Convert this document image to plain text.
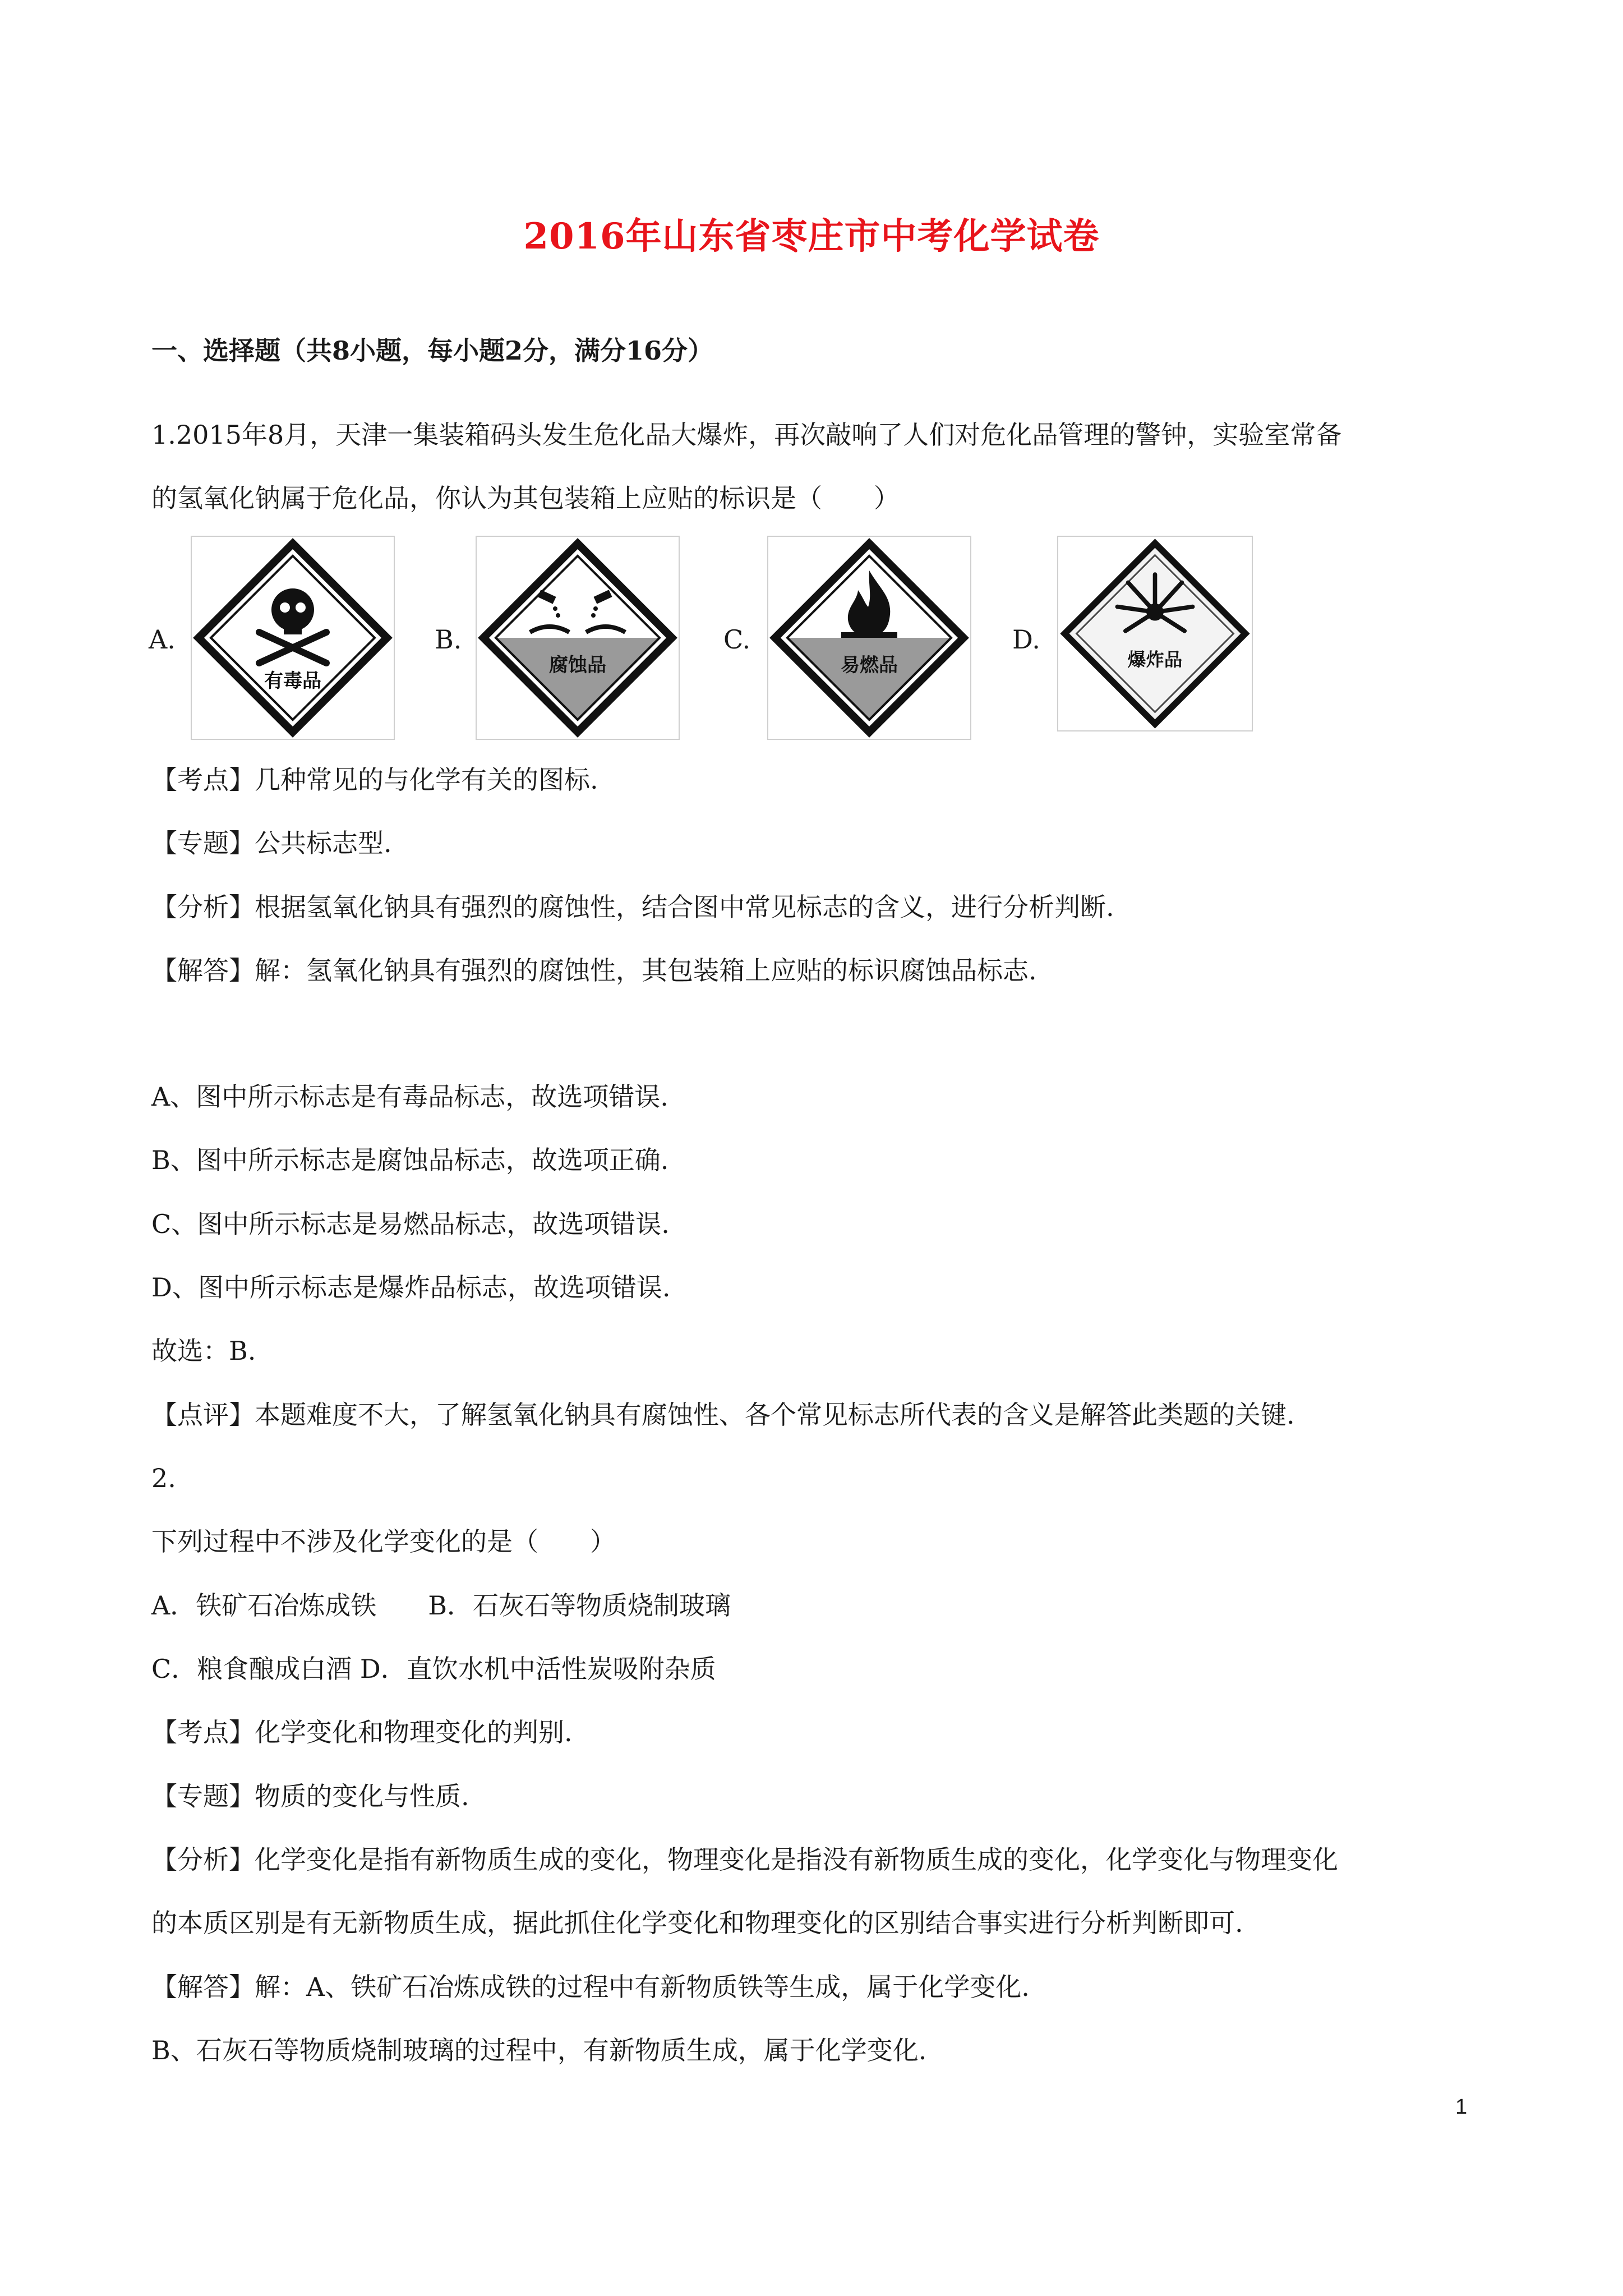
2016年山东省枣庄市中考化学试卷
一、选择题（共8小题，每小题2分，满分16分）
1.2015年8月，天津一集装箱码头发生危化品大爆炸，再次敲响了人们对危化品管理的警钟，实验室常备
的氢氧化钠属于危化品，你认为其包装箱上应贴的标识是（　　）
A.
有毒品
B.
腐蚀品
C.
易燃品
D.
爆炸品
【考点】几种常见的与化学有关的图标.
【专题】公共标志型.
【分析】根据氢氧化钠具有强烈的腐蚀性，结合图中常见标志的含义，进行分析判断.
【解答】解：氢氧化钠具有强烈的腐蚀性，其包装箱上应贴的标识腐蚀品标志.
A、图中所示标志是有毒品标志，故选项错误.
B、图中所示标志是腐蚀品标志，故选项正确.
C、图中所示标志是易燃品标志，故选项错误.
D、图中所示标志是爆炸品标志，故选项错误.
故选：B.
【点评】本题难度不大，了解氢氧化钠具有腐蚀性、各个常见标志所代表的含义是解答此类题的关键.
2.
下列过程中不涉及化学变化的是（　　）
A．铁矿石冶炼成铁　　B．石灰石等物质烧制玻璃
C．粮食酿成白酒 D．直饮水机中活性炭吸附杂质
【考点】化学变化和物理变化的判别.
【专题】物质的变化与性质.
【分析】化学变化是指有新物质生成的变化，物理变化是指没有新物质生成的变化，化学变化与物理变化
的本质区别是有无新物质生成，据此抓住化学变化和物理变化的区别结合事实进行分析判断即可.
【解答】解：A、铁矿石冶炼成铁的过程中有新物质铁等生成，属于化学变化.
B、石灰石等物质烧制玻璃的过程中，有新物质生成，属于化学变化.
1
